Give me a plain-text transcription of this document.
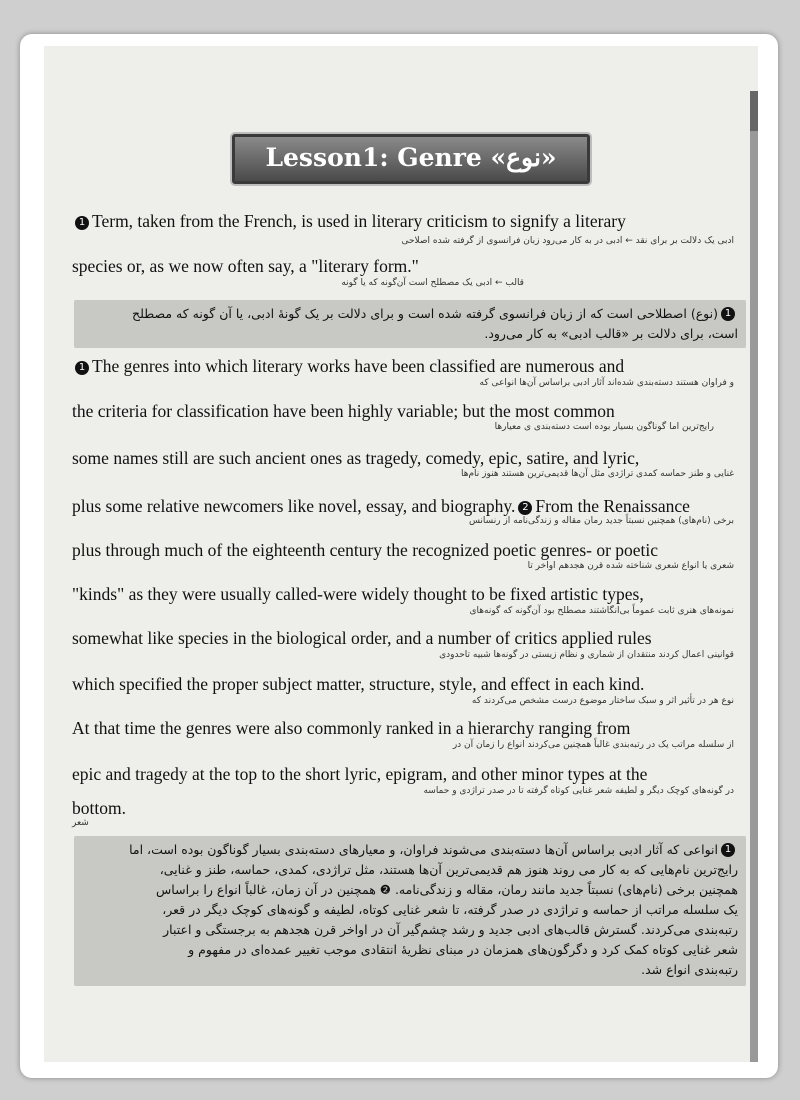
Lesson1: Genre «نوع»
1 Term, taken from the French, is used in literary criticism to signify a literary
ادبی یک دلالت بر برای نقد ← ادبی در به کار می‌رود زبان فرانسوی از گرفته شده اصلاحی
species or, as we now often say, a "literary form."
قالب ← ادبی یک مصطلح است آن‌گونه که یا گونه
1(نوع) اصطلاحی است که از زبان فرانسوی گرفته شده است و برای دلالت بر یک گونهٔ ادبی، یا آن گونه که مصطلح
است، برای دلالت بر «قالب ادبی» به کار می‌رود.
1 The genres into which literary works have been classified are numerous and
و فراوان هستند دسته‌بندی شده‌اند آثار ادبی براساس آن‌ها انواعی که
the criteria for classification have been highly variable; but the most common
رایج‌ترین اما گوناگون بسیار بوده است دسته‌بندی ی معیارها
some names still are such ancient ones as tragedy, comedy, epic, satire, and lyric,
غنایی و طنز حماسه کمدی تراژدی مثل آن‌ها قدیمی‌ترین هستند هنوز نام‌ها
plus some relative newcomers like novel, essay, and biography. 2 From the Renaissance
برخی (نام‌های) همچنین نسبتاً جدید رمان مقاله و زندگی‌نامه از رنسانس
plus through much of the eighteenth century the recognized poetic genres- or poetic
شعری یا انواع شعری شناخته شده قرن هجدهم اواخر تا
"kinds" as they were usually called-were widely thought to be fixed artistic types,
نمونه‌های هنری ثابت عموماً بی‌انگاشتند مصطلح بود آن‌گونه که گونه‌های
somewhat like species in the biological order, and a number of critics applied rules
قوانینی اعمال کردند منتقدان از شماری و نظام زیستی در گونه‌ها شبیه تاحدودی
which specified the proper subject matter, structure, style, and effect in each kind.
نوع هر در تأثیر اثر و سبک ساختار موضوع درست مشخص می‌کردند که
At that time the genres were also commonly ranked in a hierarchy ranging from
از سلسله مراتب یک در رتبه‌بندی غالباً همچنین می‌کردند انواع را زمان آن در
epic and tragedy at the top to the short lyric, epigram, and other minor types at the
در گونه‌های کوچک دیگر و لطیفه شعر غنایی کوتاه گرفته تا در صدر تراژدی و حماسه
bottom.
شعر
1انواعی که آثار ادبی براساس آن‌ها دسته‌بندی می‌شوند فراوان، و معیارهای دسته‌بندی بسیار گوناگون بوده است، اما
رایج‌ترین نام‌هایی که به کار می روند هنوز هم قدیمی‌ترین آن‌ها هستند، مثل تراژدی، کمدی، حماسه، طنز و غنایی،
همچنین برخی (نام‌های) نسبتاً جدید مانند رمان، مقاله و زندگی‌نامه. ❷ همچنین در آن زمان، غالباً انواع را براساس
یک سلسله مراتب از حماسه و تراژدی در صدر گرفته، تا شعر غنایی کوتاه، لطیفه و گونه‌های کوچک دیگر در قعر،
رتبه‌بندی می‌کردند. گسترش قالب‌های ادبی جدید و رشد چشم‌گیر آن در اواخر قرن هجدهم به برجستگی و اعتبار
شعر غنایی کوتاه کمک کرد و دگرگون‌های همزمان در مبنای نظریهٔ انتقادی موجب تغییر عمده‌ای در مفهوم و
رتبه‌بندی انواع شد.
